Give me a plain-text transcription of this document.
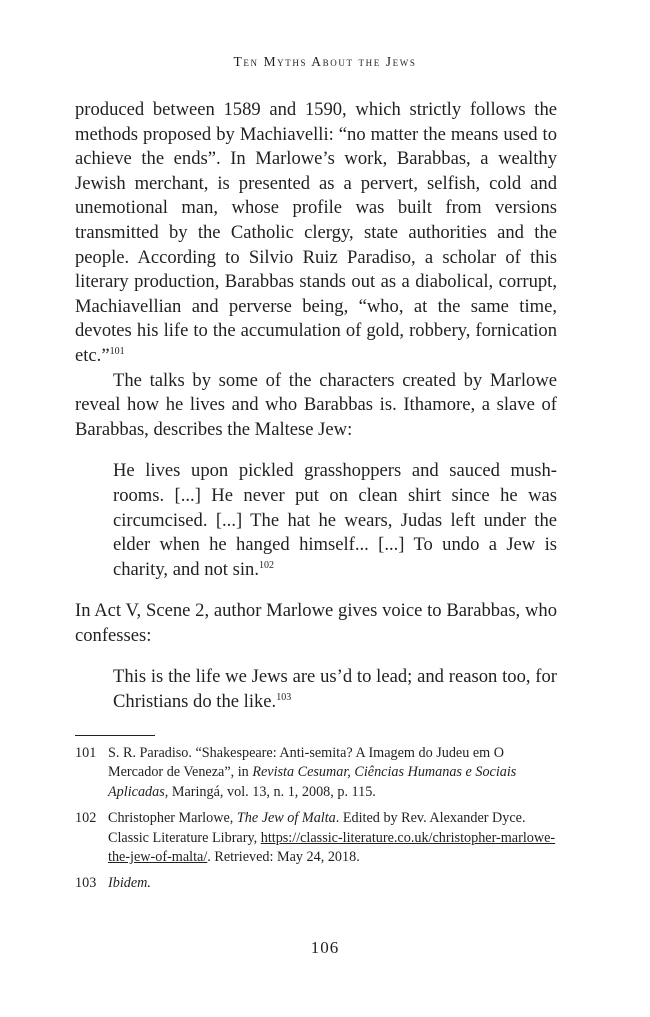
Ten Myths About the Jews

produced between 1589 and 1590, which strictly follows the methods proposed by Machiavelli: “no matter the means used to achieve the ends”. In Marlowe’s work, Barabbas, a wealthy Jewish merchant, is presented as a pervert, selfish, cold and unemotional man, whose profile was built from versions transmitted by the Catholic clergy, state authorities and the people. According to Silvio Ruiz Paradiso, a scholar of this literary production, Barabbas stands out as a diabolical, corrupt, Machiavellian and perverse being, “who, at the same time, devotes his life to the accumulation of gold, robbery, fornication etc.”$^{101}$

The talks by some of the characters created by Marlowe reveal how he lives and who Barabbas is. Ithamore, a slave of Barabbas, describes the Maltese Jew:

He lives upon pickled grasshoppers and sauced mush-rooms. [...] He never put on clean shirt since he was circumcised. [...] The hat he wears, Judas left under the elder when he hanged himself... [...] To undo a Jew is charity, and not sin.$^{102}$

In Act V, Scene 2, author Marlowe gives voice to Barabbas, who confesses:

This is the life we Jews are us’d to lead; and reason too, for Christians do the like.$^{103}$

101 S. R. Paradiso. “Shakespeare: Anti-semita? A Imagem do Judeu em O Mercador de Veneza”, in Revista Cesumar, Ciências Humanas e Sociais Aplicadas, Maringá, vol. 13, n. 1, 2008, p. 115.
102 Christopher Marlowe, The Jew of Malta. Edited by Rev. Alexander Dyce. Classic Literature Library, https://classic-literature.co.uk/christopher-marlowe-the-jew-of-malta/. Retrieved: May 24, 2018.
103 Ibidem.
106
